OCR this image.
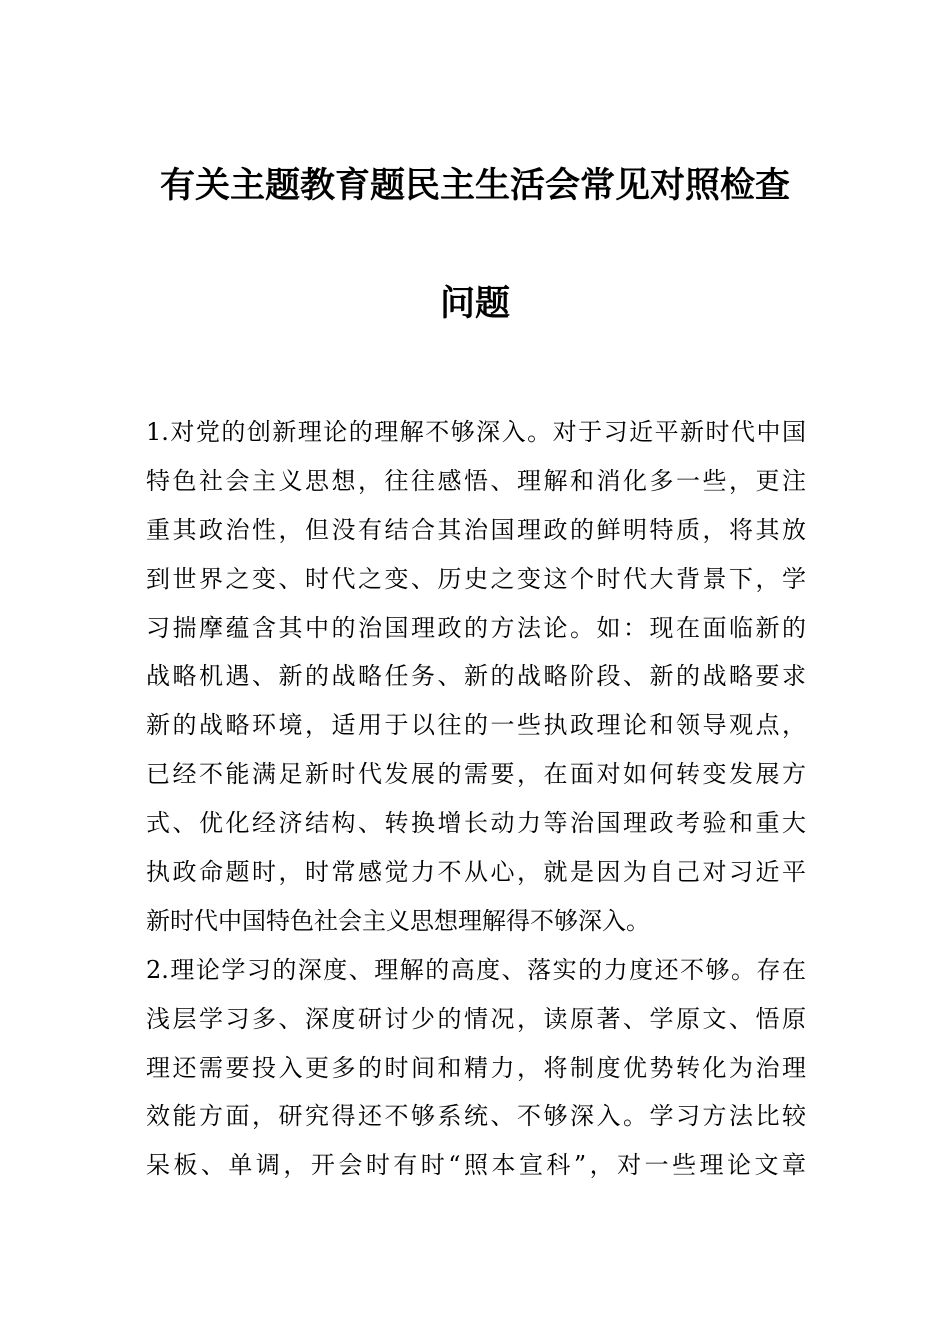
有关主题教育题民主生活会常见对照检查
问题
1.对党的创新理论的理解不够深入。对于习近平新时代中国
特色社会主义思想，往往感悟、理解和消化多一些，更注
重其政治性，但没有结合其治国理政的鲜明特质，将其放
到世界之变、时代之变、历史之变这个时代大背景下，学
习揣摩蕴含其中的治国理政的方法论。如：现在面临新的
战略机遇、新的战略任务、新的战略阶段、新的战略要求
新的战略环境，适用于以往的一些执政理论和领导观点，
已经不能满足新时代发展的需要，在面对如何转变发展方
式、优化经济结构、转换增长动力等治国理政考验和重大
执政命题时，时常感觉力不从心，就是因为自己对习近平
新时代中国特色社会主义思想理解得不够深入。
2.理论学习的深度、理解的高度、落实的力度还不够。存在
浅层学习多、深度研讨少的情况，读原著、学原文、悟原
理还需要投入更多的时间和精力，将制度优势转化为治理
效能方面，研究得还不够系统、不够深入。学习方法比较
呆板、单调，开会时有时“照本宣科”，对一些理论文章
